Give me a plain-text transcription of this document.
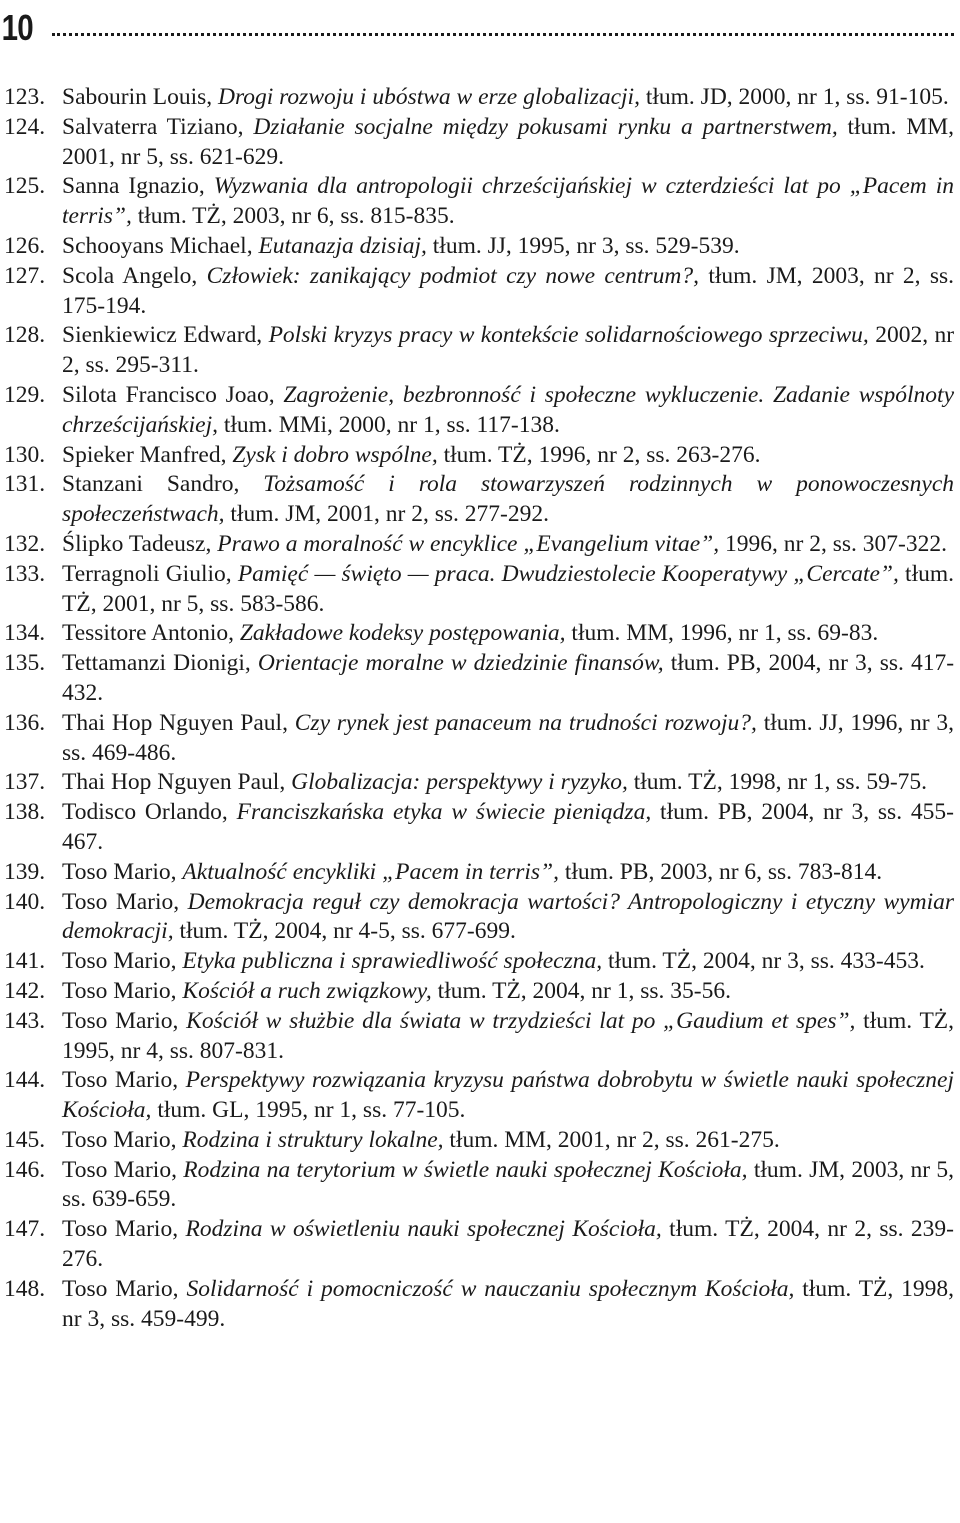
10
123. Sabourin Louis, Drogi rozwoju i ubóstwa w erze globalizacji, tłum. JD, 2000, nr 1, ss. 91-105.
124. Salvaterra Tiziano, Działanie socjalne między pokusami rynku a partnerstwem, tłum. MM, 2001, nr 5, ss. 621-629.
125. Sanna Ignazio, Wyzwania dla antropologii chrześcijańskiej w czterdzieści lat po „Pacem in terris”, tłum. TŻ, 2003, nr 6, ss. 815-835.
126. Schooyans Michael, Eutanazja dzisiaj, tłum. JJ, 1995, nr 3, ss. 529-539.
127. Scola Angelo, Człowiek: zanikający podmiot czy nowe centrum?, tłum. JM, 2003, nr 2, ss. 175-194.
128. Sienkiewicz Edward, Polski kryzys pracy w kontekście solidarnościowego sprzeciwu, 2002, nr 2, ss. 295-311.
129. Silota Francisco Joao, Zagrożenie, bezbronność i społeczne wykluczenie. Zadanie wspólnoty chrześcijańskiej, tłum. MMi, 2000, nr 1, ss. 117-138.
130. Spieker Manfred, Zysk i dobro wspólne, tłum. TŻ, 1996, nr 2, ss. 263-276.
131. Stanzani Sandro, Tożsamość i rola stowarzyszeń rodzinnych w ponowoczesnych społeczeństwach, tłum. JM, 2001, nr 2, ss. 277-292.
132. Ślipko Tadeusz, Prawo a moralność w encyklice „Evangelium vitae”, 1996, nr 2, ss. 307-322.
133. Terragnoli Giulio, Pamięć — święto — praca. Dwudziestolecie Kooperatywy „Cercate”, tłum. TŻ, 2001, nr 5, ss. 583-586.
134. Tessitore Antonio, Zakładowe kodeksy postępowania, tłum. MM, 1996, nr 1, ss. 69-83.
135. Tettamanzi Dionigi, Orientacje moralne w dziedzinie finansów, tłum. PB, 2004, nr 3, ss. 417-432.
136. Thai Hop Nguyen Paul, Czy rynek jest panaceum na trudności rozwoju?, tłum. JJ, 1996, nr 3, ss. 469-486.
137. Thai Hop Nguyen Paul, Globalizacja: perspektywy i ryzyko, tłum. TŻ, 1998, nr 1, ss. 59-75.
138. Todisco Orlando, Franciszkańska etyka w świecie pieniądza, tłum. PB, 2004, nr 3, ss. 455-467.
139. Toso Mario, Aktualność encykliki „Pacem in terris”, tłum. PB, 2003, nr 6, ss. 783-814.
140. Toso Mario, Demokracja reguł czy demokracja wartości? Antropologiczny i etyczny wymiar demokracji, tłum. TŻ, 2004, nr 4-5, ss. 677-699.
141. Toso Mario, Etyka publiczna i sprawiedliwość społeczna, tłum. TŻ, 2004, nr 3, ss. 433-453.
142. Toso Mario, Kościół a ruch związkowy, tłum. TŻ, 2004, nr 1, ss. 35-56.
143. Toso Mario, Kościół w służbie dla świata w trzydzieści lat po „Gaudium et spes”, tłum. TŻ, 1995, nr 4, ss. 807-831.
144. Toso Mario, Perspektywy rozwiązania kryzysu państwa dobrobytu w świetle nauki społecznej Kościoła, tłum. GL, 1995, nr 1, ss. 77-105.
145. Toso Mario, Rodzina i struktury lokalne, tłum. MM, 2001, nr 2, ss. 261-275.
146. Toso Mario, Rodzina na terytorium w świetle nauki społecznej Kościoła, tłum. JM, 2003, nr 5, ss. 639-659.
147. Toso Mario, Rodzina w oświetleniu nauki społecznej Kościoła, tłum. TŻ, 2004, nr 2, ss. 239-276.
148. Toso Mario, Solidarność i pomocniczość w nauczaniu społecznym Kościoła, tłum. TŻ, 1998, nr 3, ss. 459-499.
